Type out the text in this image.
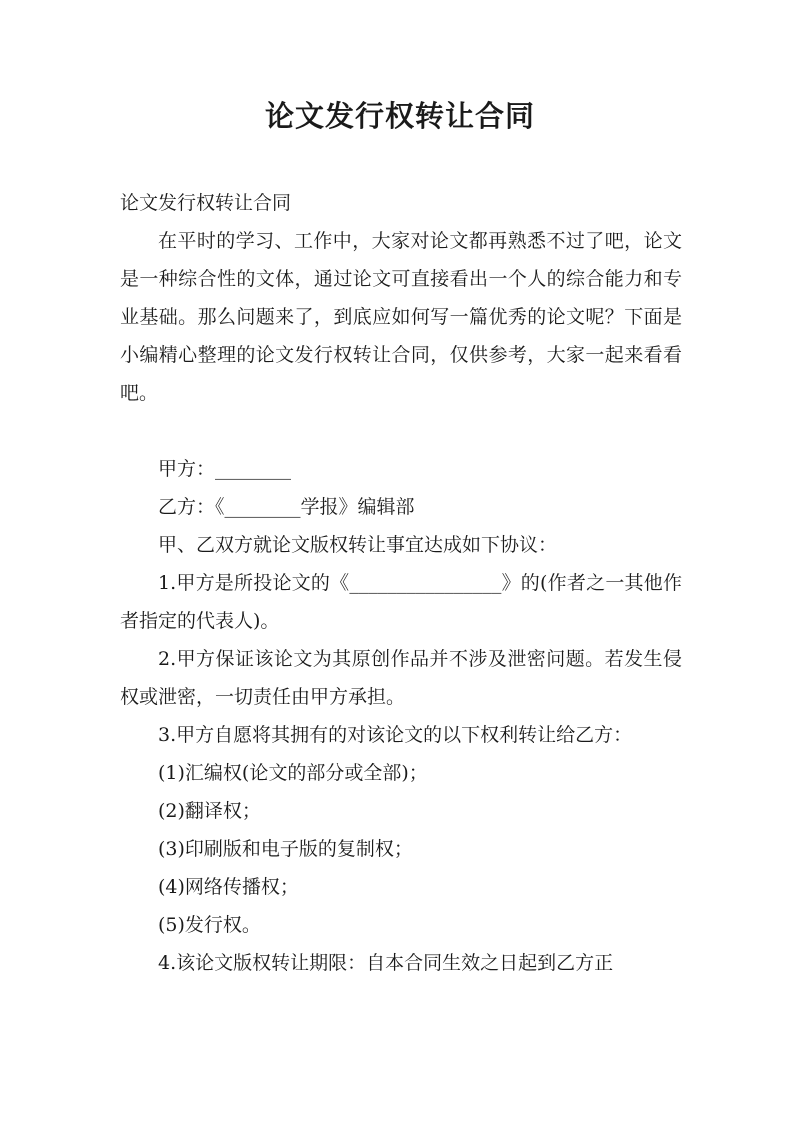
论文发行权转让合同

论文发行权转让合同

在平时的学习、工作中，大家对论文都再熟悉不过了吧，论文是一种综合性的文体，通过论文可直接看出一个人的综合能力和专业基础。那么问题来了，到底应如何写一篇优秀的论文呢？下面是小编精心整理的论文发行权转让合同，仅供参考，大家一起来看看吧。

甲方：________

乙方：《________学报》编辑部

甲、乙双方就论文版权转让事宜达成如下协议：

1.甲方是所投论文的《________________》的(作者之一其他作者指定的代表人)。

2.甲方保证该论文为其原创作品并不涉及泄密问题。若发生侵权或泄密，一切责任由甲方承担。

3.甲方自愿将其拥有的对该论文的以下权利转让给乙方：

(1)汇编权(论文的部分或全部)；

(2)翻译权；

(3)印刷版和电子版的复制权；

(4)网络传播权；

(5)发行权。

4.该论文版权转让期限：自本合同生效之日起到乙方正
